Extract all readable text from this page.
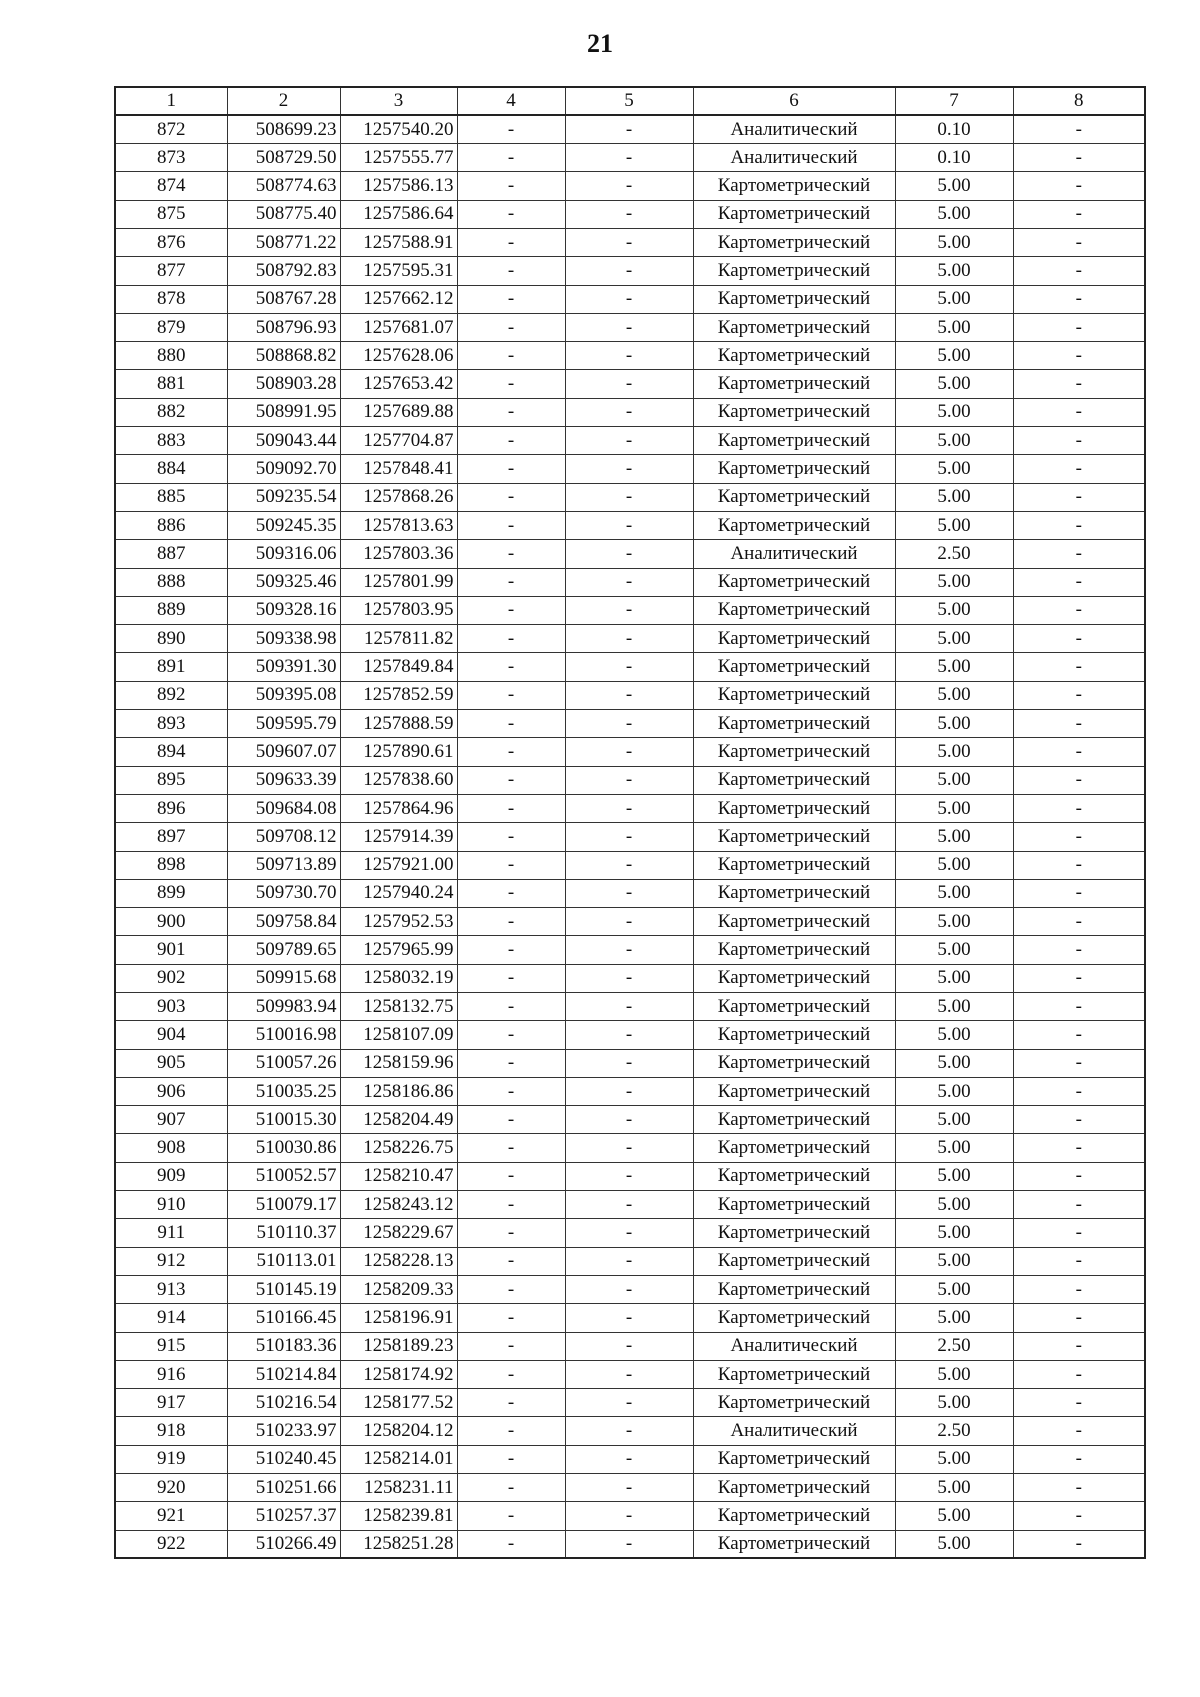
21
1	2	3	4	5	6	7	8
872	508699.23	1257540.20	-	-	Аналитический	0.10	-
873	508729.50	1257555.77	-	-	Аналитический	0.10	-
874	508774.63	1257586.13	-	-	Картометрический	5.00	-
875	508775.40	1257586.64	-	-	Картометрический	5.00	-
876	508771.22	1257588.91	-	-	Картометрический	5.00	-
877	508792.83	1257595.31	-	-	Картометрический	5.00	-
878	508767.28	1257662.12	-	-	Картометрический	5.00	-
879	508796.93	1257681.07	-	-	Картометрический	5.00	-
880	508868.82	1257628.06	-	-	Картометрический	5.00	-
881	508903.28	1257653.42	-	-	Картометрический	5.00	-
882	508991.95	1257689.88	-	-	Картометрический	5.00	-
883	509043.44	1257704.87	-	-	Картометрический	5.00	-
884	509092.70	1257848.41	-	-	Картометрический	5.00	-
885	509235.54	1257868.26	-	-	Картометрический	5.00	-
886	509245.35	1257813.63	-	-	Картометрический	5.00	-
887	509316.06	1257803.36	-	-	Аналитический	2.50	-
888	509325.46	1257801.99	-	-	Картометрический	5.00	-
889	509328.16	1257803.95	-	-	Картометрический	5.00	-
890	509338.98	1257811.82	-	-	Картометрический	5.00	-
891	509391.30	1257849.84	-	-	Картометрический	5.00	-
892	509395.08	1257852.59	-	-	Картометрический	5.00	-
893	509595.79	1257888.59	-	-	Картометрический	5.00	-
894	509607.07	1257890.61	-	-	Картометрический	5.00	-
895	509633.39	1257838.60	-	-	Картометрический	5.00	-
896	509684.08	1257864.96	-	-	Картометрический	5.00	-
897	509708.12	1257914.39	-	-	Картометрический	5.00	-
898	509713.89	1257921.00	-	-	Картометрический	5.00	-
899	509730.70	1257940.24	-	-	Картометрический	5.00	-
900	509758.84	1257952.53	-	-	Картометрический	5.00	-
901	509789.65	1257965.99	-	-	Картометрический	5.00	-
902	509915.68	1258032.19	-	-	Картометрический	5.00	-
903	509983.94	1258132.75	-	-	Картометрический	5.00	-
904	510016.98	1258107.09	-	-	Картометрический	5.00	-
905	510057.26	1258159.96	-	-	Картометрический	5.00	-
906	510035.25	1258186.86	-	-	Картометрический	5.00	-
907	510015.30	1258204.49	-	-	Картометрический	5.00	-
908	510030.86	1258226.75	-	-	Картометрический	5.00	-
909	510052.57	1258210.47	-	-	Картометрический	5.00	-
910	510079.17	1258243.12	-	-	Картометрический	5.00	-
911	510110.37	1258229.67	-	-	Картометрический	5.00	-
912	510113.01	1258228.13	-	-	Картометрический	5.00	-
913	510145.19	1258209.33	-	-	Картометрический	5.00	-
914	510166.45	1258196.91	-	-	Картометрический	5.00	-
915	510183.36	1258189.23	-	-	Аналитический	2.50	-
916	510214.84	1258174.92	-	-	Картометрический	5.00	-
917	510216.54	1258177.52	-	-	Картометрический	5.00	-
918	510233.97	1258204.12	-	-	Аналитический	2.50	-
919	510240.45	1258214.01	-	-	Картометрический	5.00	-
920	510251.66	1258231.11	-	-	Картометрический	5.00	-
921	510257.37	1258239.81	-	-	Картометрический	5.00	-
922	510266.49	1258251.28	-	-	Картометрический	5.00	-
